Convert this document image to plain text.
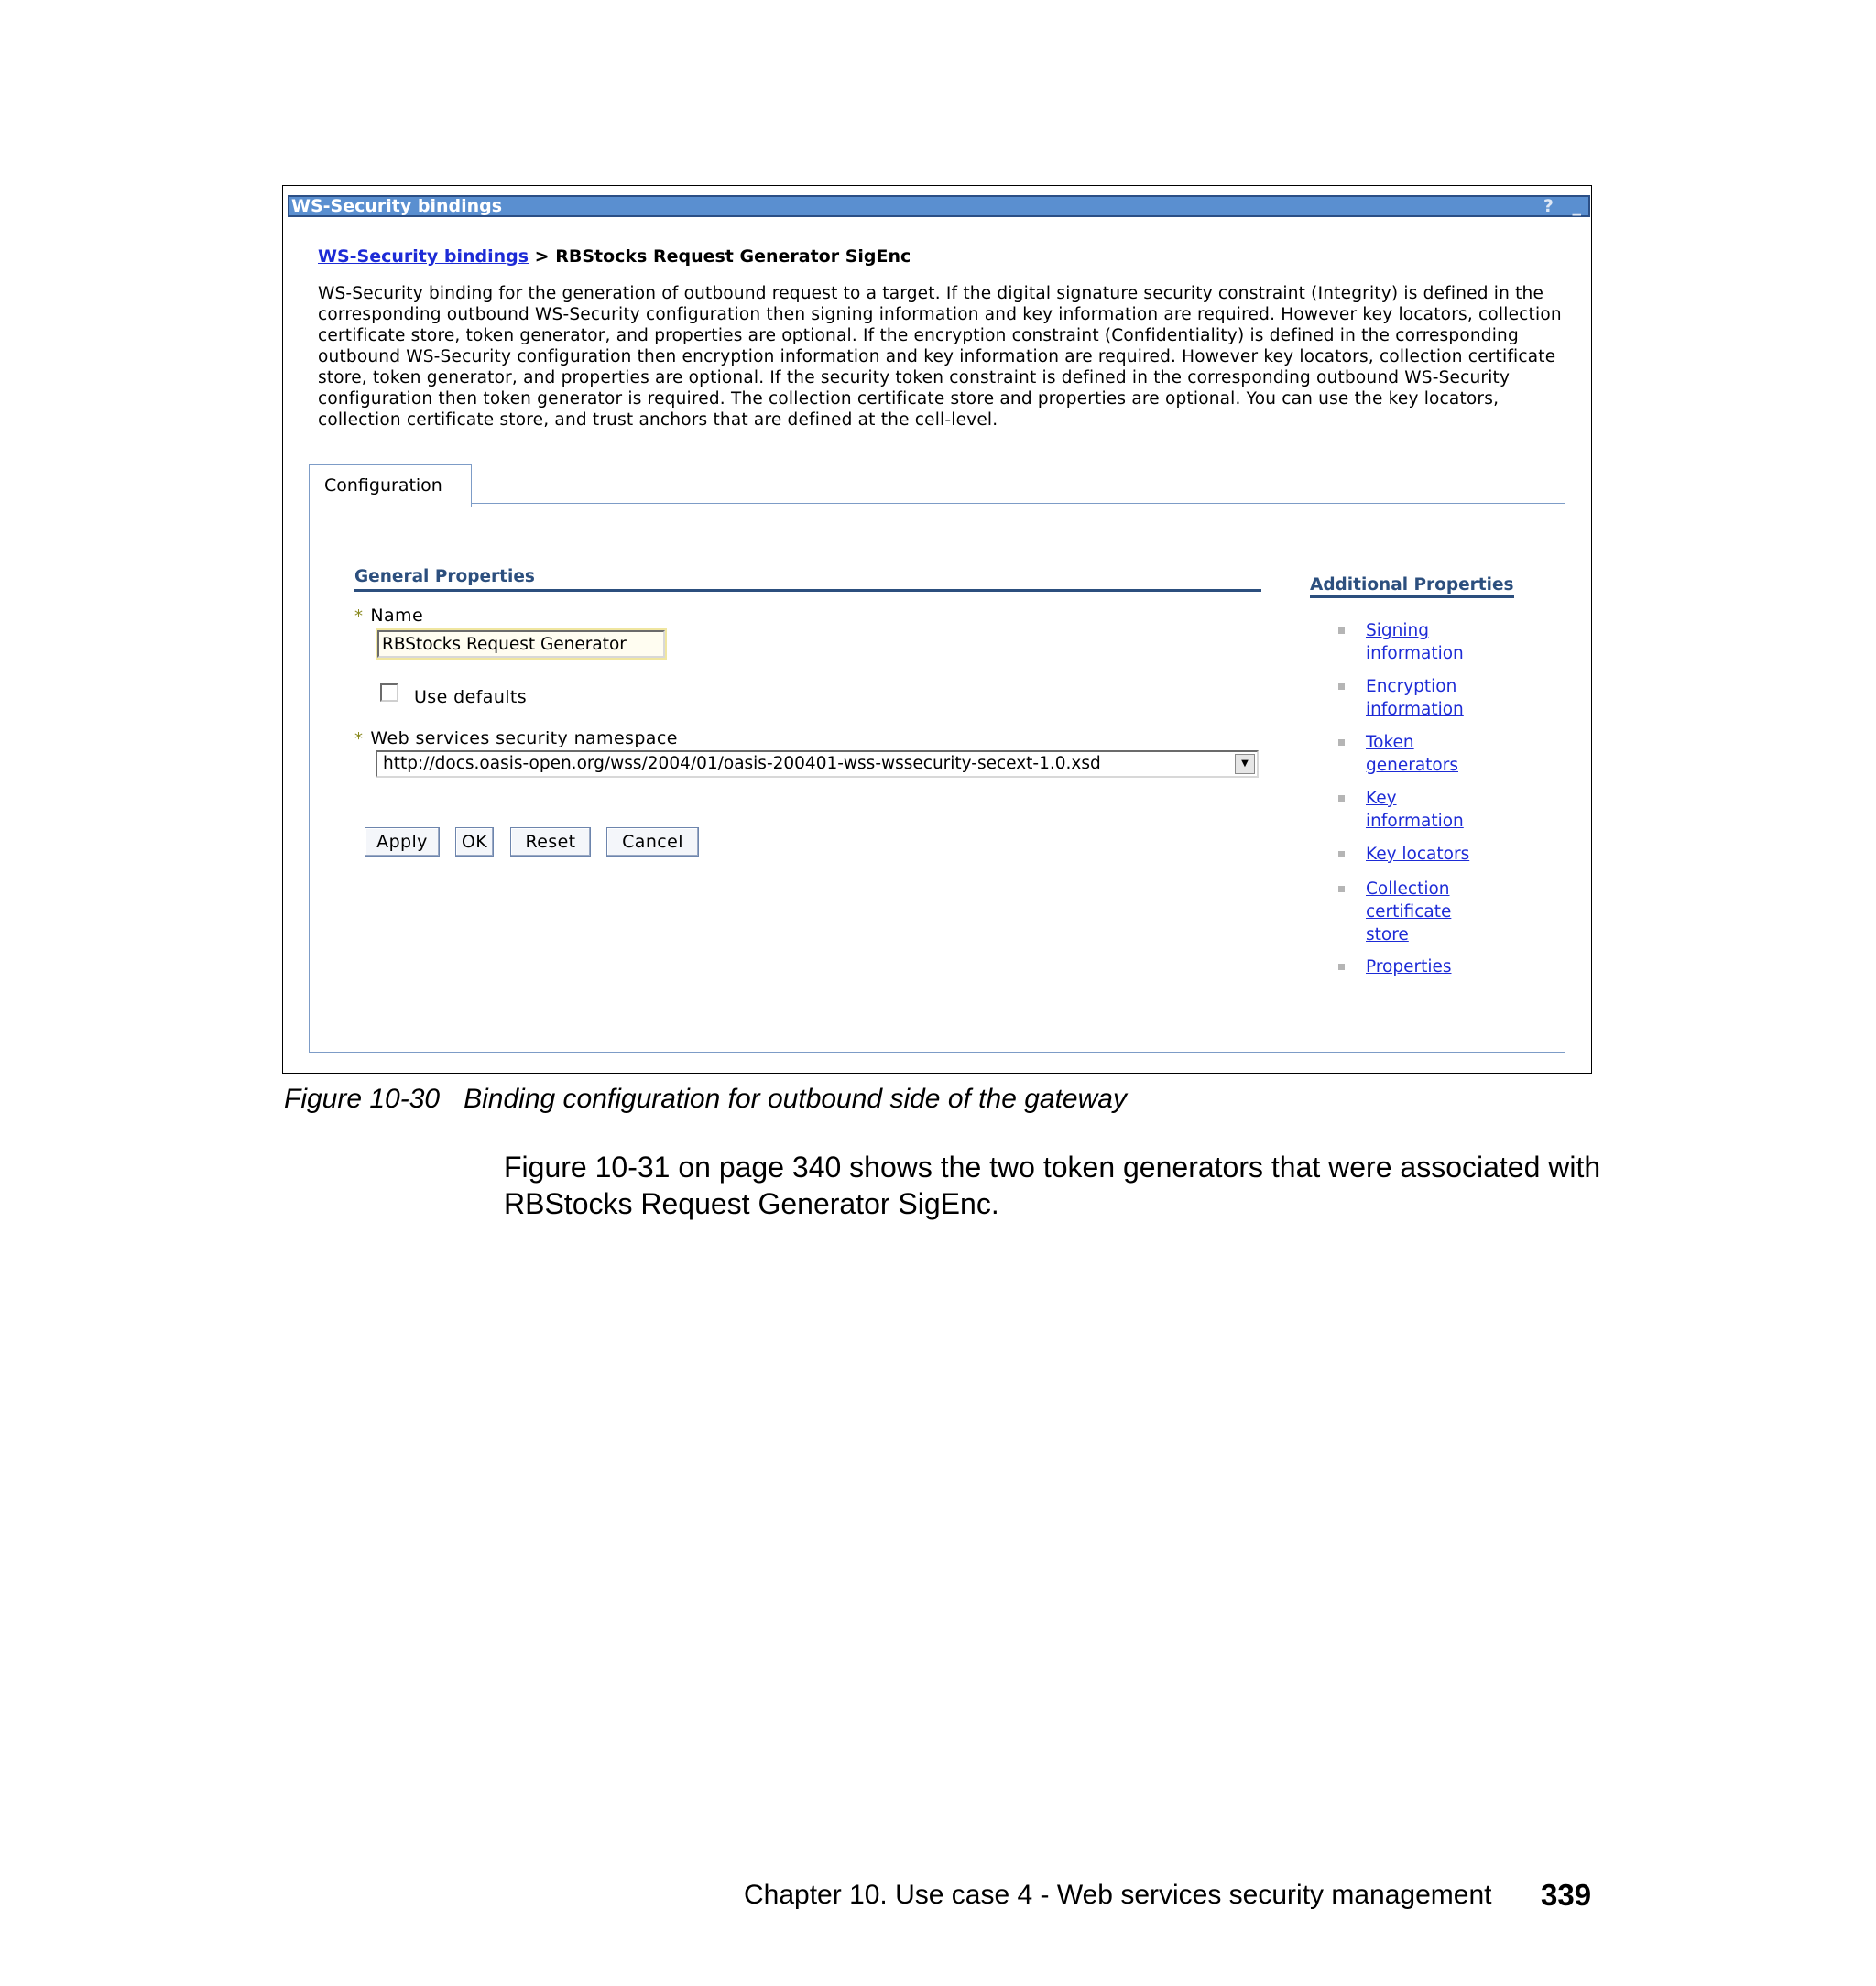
WS-Security bindings	? _
WS-Security bindings > RBStocks Request Generator SigEnc

WS-Security binding for the generation of outbound request to a target. If the digital signature security constraint (Integrity) is defined in the corresponding outbound WS-Security configuration then signing information and key information are required. However key locators, collection certificate store, token generator, and properties are optional. If the encryption constraint (Confidentiality) is defined in the corresponding outbound WS-Security configuration then encryption information and key information are required. However key locators, collection certificate store, token generator, and properties are optional. If the security token constraint is defined in the corresponding outbound WS-Security configuration then token generator is required. The collection certificate store and properties are optional. You can use the key locators, collection certificate store, and trust anchors that are defined at the cell-level.

Configuration
General Properties
* Name
RBStocks Request Generator
Use defaults
* Web services security namespace
http://docs.oasis-open.org/wss/2004/01/oasis-200401-wss-wssecurity-secext-1.0.xsd	▼
Apply	OK	Reset	Cancel
Additional Properties
Signing
information
Encryption
information
Token
generators
Key
information
Key locators
Collection
certificate
store
Properties
Figure 10-30 Binding configuration for outbound side of the gateway

Figure 10-31 on page 340 shows the two token generators that were associated with RBStocks Request Generator SigEnc.

Chapter 10. Use case 4 - Web services security management 339
